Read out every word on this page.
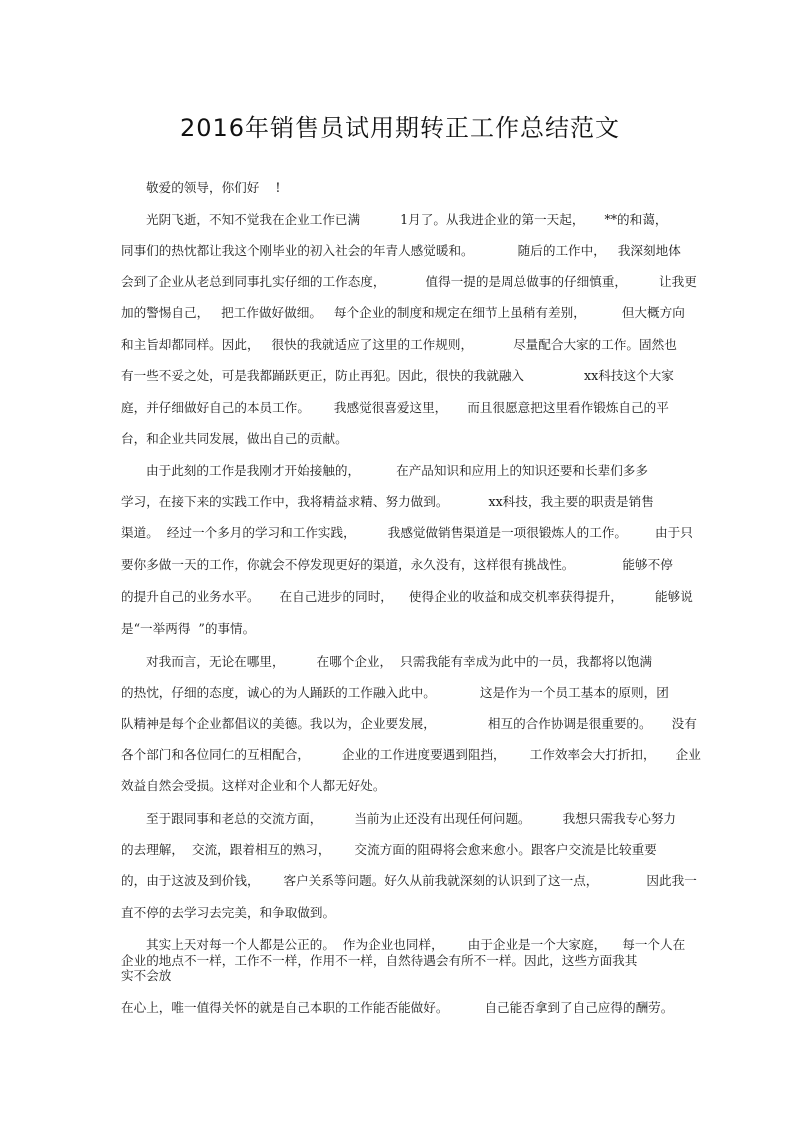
2016年销售员试用期转正工作总结范文
敬爱的领导，你们好    !
光阴飞逝，不知不觉我在企业工作已满          1月了。从我进企业的第一天起，     **的和蔼，
同事们的热忱都让我这个刚毕业的初入社会的年青人感觉暖和。           随后的工作中，   我深刻地体
会到了企业从老总到同事扎实仔细的工作态度，          值得一提的是周总做事的仔细慎重，        让我更
加的警惕自己，   把工作做好做细。   每个企业的制度和规定在细节上虽稍有差别，         但大概方向
和主旨却都同样。因此，   很快的我就适应了这里的工作规则，          尽量配合大家的工作。固然也
有一些不妥之处，可是我都踊跃更正，防止再犯。因此，很快的我就融入               xx科技这个大家
庭，并仔细做好自己的本员工作。      我感觉很喜爱这里，     而且很愿意把这里看作锻炼自己的平
台，和企业共同发展，做出自己的贡献。
由于此刻的工作是我刚才开始接触的，         在产品知识和应用上的知识还要和长辈们多多
学习，在接下来的实践工作中，我将精益求精、努力做到。          xx科技，我主要的职责是销售
渠道。  经过一个多月的学习和工作实践，        我感觉做销售渠道是一项很锻炼人的工作。       由于只
要你多做一天的工作，你就会不停发现更好的渠道，永久没有，这样很有挑战性。            能够不停
的提升自己的业务水平。     在自己进步的同时，    使得企业的收益和成交机率获得提升，        能够说
是“一举两得  ”的事情。
对我而言，无论在哪里，        在哪个企业，  只需我能有幸成为此中的一员，我都将以饱满
的热忱，仔细的态度，诚心的为人踊跃的工作融入此中。           这是作为一个员工基本的原则，团
队精神是每个企业都倡议的美德。我以为，企业要发展，             相互的合作协调是很重要的。     没有
各个部门和各位同仁的互相配合，        企业的工作进度要遇到阻挡，      工作效率会大打折扣，     企业
效益自然会受损。这样对企业和个人都无好处。
至于跟同事和老总的交流方面，        当前为止还没有出现任何问题。        我想只需我专心努力
的去理解，  交流，跟着相互的熟习，      交流方面的阻碍将会愈来愈小。跟客户交流是比较重要
的，由于这波及到价钱，      客户关系等问题。好久从前我就深刻的认识到了这一点，            因此我一
直不停的去学习去完美，和争取做到。
其实上天对每一个人都是公正的。  作为企业也同样，      由于企业是一个大家庭，    每一个人在
企业的地点不一样，工作不一样，作用不一样，自然待遇会有所不一样。因此，这些方面我其
实不会放
在心上，唯一值得关怀的就是自己本职的工作能否能做好。         自己能否拿到了自己应得的酬劳。
